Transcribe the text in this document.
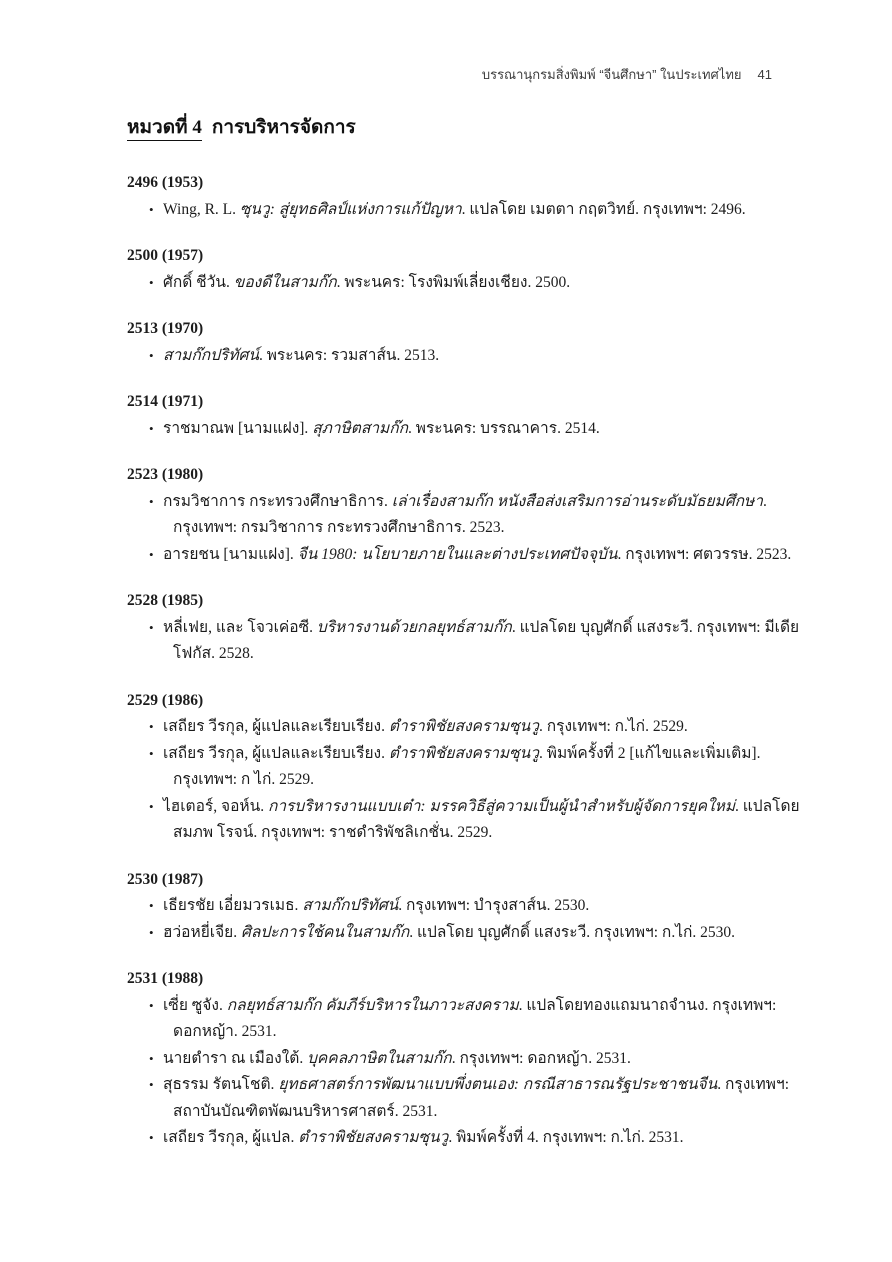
บรรณานุกรมสิ่งพิมพ์ “จีนศึกษา” ในประเทศไทย 41
หมวดที่ 4 การบริหารจัดการ
2496 (1953)
• Wing, R. L. ซุนวู: สู่ยุทธศิลป์แห่งการแก้ปัญหา. แปลโดย เมตตา กฤตวิทย์. กรุงเทพฯ: 2496.
2500 (1957)
• ศักดิ์ ชีวัน. ของดีในสามก๊ก. พระนคร: โรงพิมพ์เลี่ยงเชียง. 2500.
2513 (1970)
• สามก๊กปริทัศน์. พระนคร: รวมสาส์น. 2513.
2514 (1971)
• ราชมาณพ [นามแฝง]. สุภาษิตสามก๊ก. พระนคร: บรรณาคาร. 2514.
2523 (1980)
• กรมวิชาการ กระทรวงศึกษาธิการ. เล่าเรื่องสามก๊ก หนังสือส่งเสริมการอ่านระดับมัธยมศึกษา. กรุงเทพฯ: กรมวิชาการ กระทรวงศึกษาธิการ. 2523.
• อารยชน [นามแฝง]. จีน 1980: นโยบายภายในและต่างประเทศปัจจุบัน. กรุงเทพฯ: ศตวรรษ. 2523.
2528 (1985)
• หลี่เฟย, และ โจวเค่อซี. บริหารงานด้วยกลยุทธ์สามก๊ก. แปลโดย บุญศักดิ์ แสงระวี. กรุงเทพฯ: มีเดียโฟกัส. 2528.
2529 (1986)
• เสถียร วีรกุล, ผู้แปลและเรียบเรียง. ตำราพิชัยสงครามซุนวู. กรุงเทพฯ: ก.ไก่. 2529.
• เสถียร วีรกุล, ผู้แปลและเรียบเรียง. ตำราพิชัยสงครามซุนวู. พิมพ์ครั้งที่ 2 [แก้ไขและเพิ่มเติม]. กรุงเทพฯ: ก ไก่. 2529.
• ไฮเตอร์, จอห์น. การบริหารงานแบบเต๋า: มรรควิธีสู่ความเป็นผู้นำสำหรับผู้จัดการยุคใหม่. แปลโดย สมภพ โรจน์. กรุงเทพฯ: ราชดำริพัชลิเกชั่น. 2529.
2530 (1987)
• เธียรชัย เอี่ยมวรเมธ. สามก๊กปริทัศน์. กรุงเทพฯ: บำรุงสาส์น. 2530.
• ฮว่อหยี่เจีย. ศิลปะการใช้คนในสามก๊ก. แปลโดย บุญศักดิ์ แสงระวี. กรุงเทพฯ: ก.ไก่. 2530.
2531 (1988)
• เซี่ย ซูจัง. กลยุทธ์สามก๊ก คัมภีร์บริหารในภาวะสงคราม. แปลโดยทองแถมนาถจำนง. กรุงเทพฯ: ดอกหญ้า. 2531.
• นายตำรา ณ เมืองใต้. บุคคลภาษิตในสามก๊ก. กรุงเทพฯ: ดอกหญ้า. 2531.
• สุธรรม รัตนโชติ. ยุทธศาสตร์การพัฒนาแบบพึ่งตนเอง: กรณีสาธารณรัฐประชาชนจีน. กรุงเทพฯ: สถาบันบัณฑิตพัฒนบริหารศาสตร์. 2531.
• เสถียร วีรกุล, ผู้แปล. ตำราพิชัยสงครามซุนวู. พิมพ์ครั้งที่ 4. กรุงเทพฯ: ก.ไก่. 2531.
